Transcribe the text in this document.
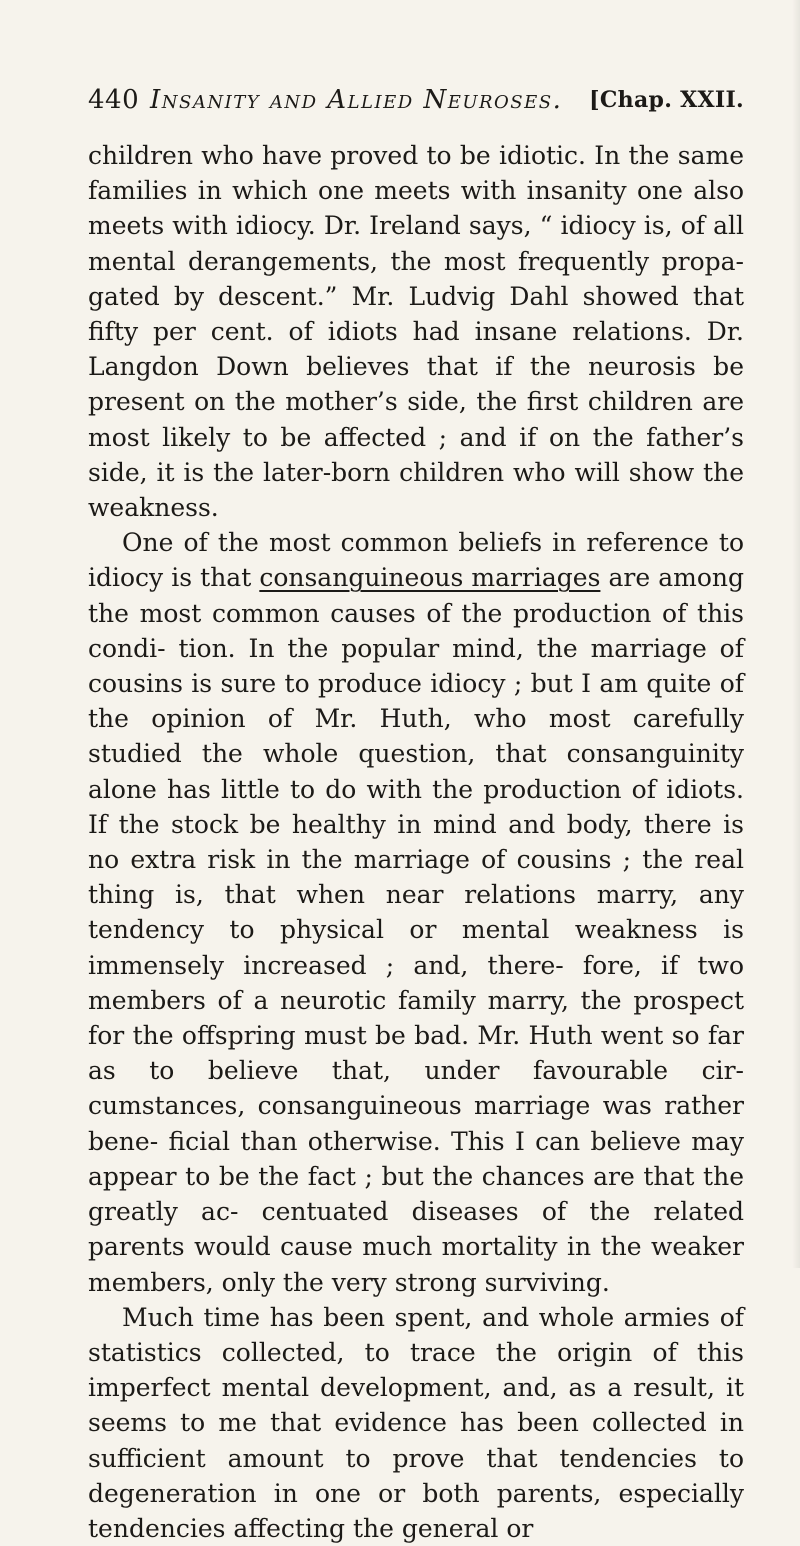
440 Insanity and Allied Neuroses. [Chap. XXII.

children who have proved to be idiotic. In the same families in which one meets with insanity one also meets with idiocy. Dr. Ireland says, “ idiocy is, of all mental derangements, the most frequently propa- gated by descent.” Mr. Ludvig Dahl showed that fifty per cent. of idiots had insane relations. Dr. Langdon Down believes that if the neurosis be present on the mother’s side, the first children are most likely to be affected ; and if on the father’s side, it is the later-born children who will show the weakness.

One of the most common beliefs in reference to idiocy is that consanguineous marriages are among the most common causes of the production of this condi- tion. In the popular mind, the marriage of cousins is sure to produce idiocy ; but I am quite of the opinion of Mr. Huth, who most carefully studied the whole question, that consanguinity alone has little to do with the production of idiots. If the stock be healthy in mind and body, there is no extra risk in the marriage of cousins ; the real thing is, that when near relations marry, any tendency to physical or mental weakness is immensely increased ; and, there- fore, if two members of a neurotic family marry, the prospect for the offspring must be bad. Mr. Huth went so far as to believe that, under favourable cir- cumstances, consanguineous marriage was rather bene- ficial than otherwise. This I can believe may appear to be the fact ; but the chances are that the greatly ac- centuated diseases of the related parents would cause much mortality in the weaker members, only the very strong surviving.

Much time has been spent, and whole armies of statistics collected, to trace the origin of this imperfect mental development, and, as a result, it seems to me that evidence has been collected in sufficient amount to prove that tendencies to degeneration in one or both parents, especially tendencies affecting the general or
